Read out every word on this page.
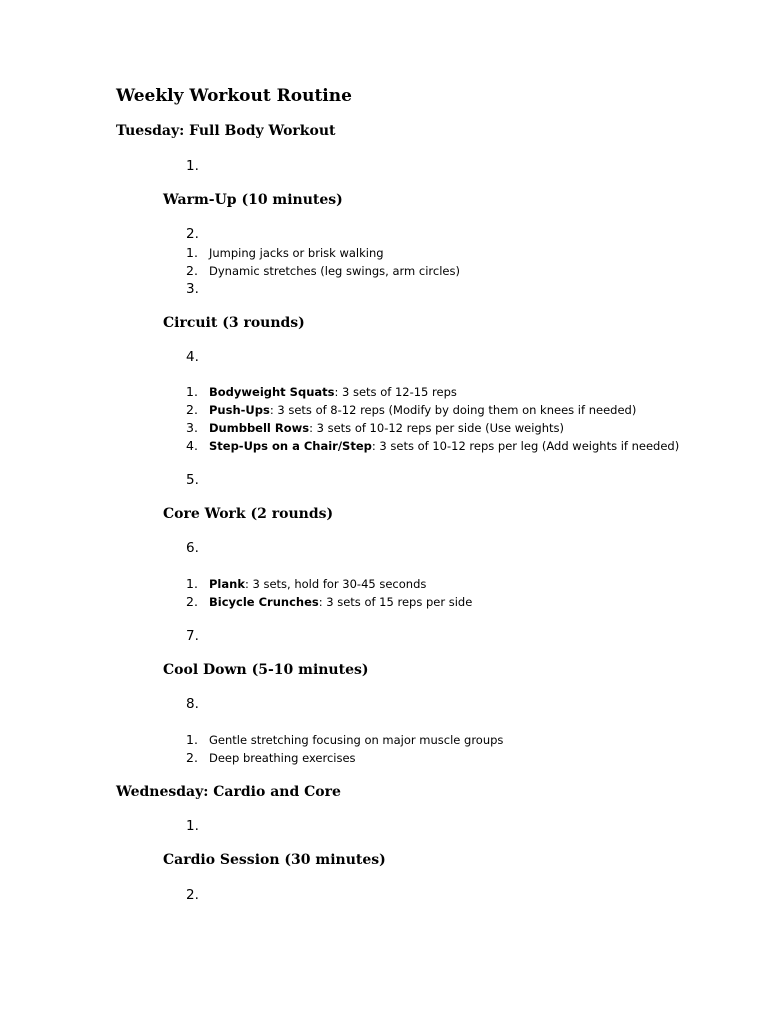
Weekly Workout Routine
Tuesday: Full Body Workout
1.
Warm-Up (10 minutes)
2.
1. Jumping jacks or brisk walking
2. Dynamic stretches (leg swings, arm circles)
3.
Circuit (3 rounds)
4.
1. Bodyweight Squats: 3 sets of 12-15 reps
2. Push-Ups: 3 sets of 8-12 reps (Modify by doing them on knees if needed)
3. Dumbbell Rows: 3 sets of 10-12 reps per side (Use weights)
4. Step-Ups on a Chair/Step: 3 sets of 10-12 reps per leg (Add weights if needed)
5.
Core Work (2 rounds)
6.
1. Plank: 3 sets, hold for 30-45 seconds
2. Bicycle Crunches: 3 sets of 15 reps per side
7.
Cool Down (5-10 minutes)
8.
1. Gentle stretching focusing on major muscle groups
2. Deep breathing exercises
Wednesday: Cardio and Core
1.
Cardio Session (30 minutes)
2.
